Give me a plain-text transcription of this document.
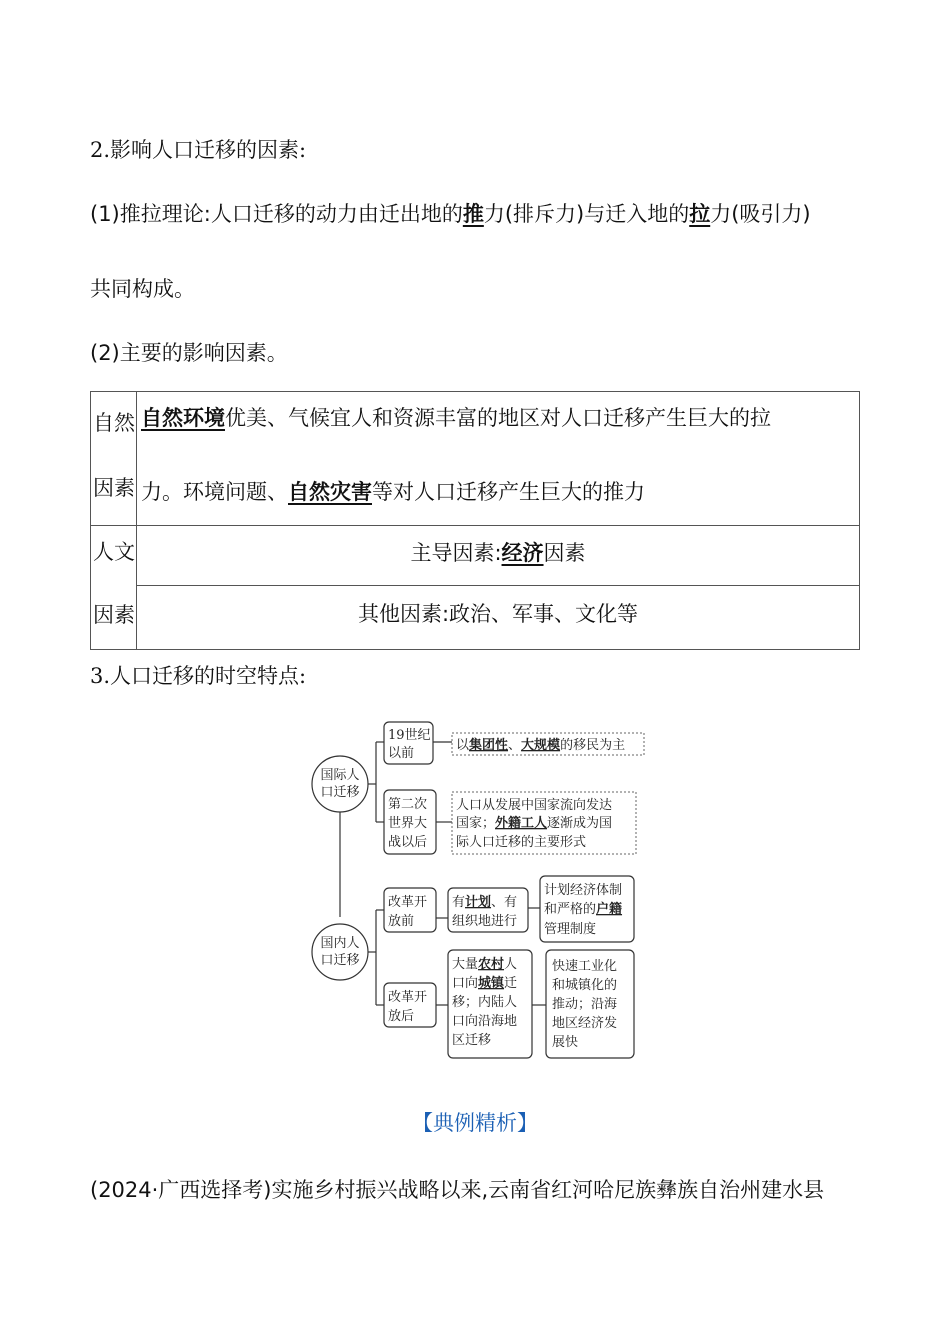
2.影响人口迁移的因素:
(1)推拉理论:人口迁移的动力由迁出地的推力(排斥力)与迁入地的拉力(吸引力)
共同构成。
(2)主要的影响因素。
自然
因素
自然环境优美、气候宜人和资源丰富的地区对人口迁移产生巨大的拉
力。环境问题、自然灾害等对人口迁移产生巨大的推力
人文
因素
主导因素:经济因素
其他因素:政治、军事、文化等
3.人口迁移的时空特点:
国际人
口迁移
国内人
口迁移
19世纪
以前
以集团性、大规模的移民为主
第二次
世界大
战以后
人口从发展中国家流向发达
国家；外籍工人逐渐成为国
际人口迁移的主要形式
改革开
放前
有计划、有
组织地进行
计划经济体制
和严格的户籍
管理制度
改革开
放后
大量农村人
口向城镇迁
移；内陆人
口向沿海地
区迁移
快速工业化
和城镇化的
推动；沿海
地区经济发
展快
【典例精析】
(2024·广西选择考)实施乡村振兴战略以来,云南省红河哈尼族彝族自治州建水县
